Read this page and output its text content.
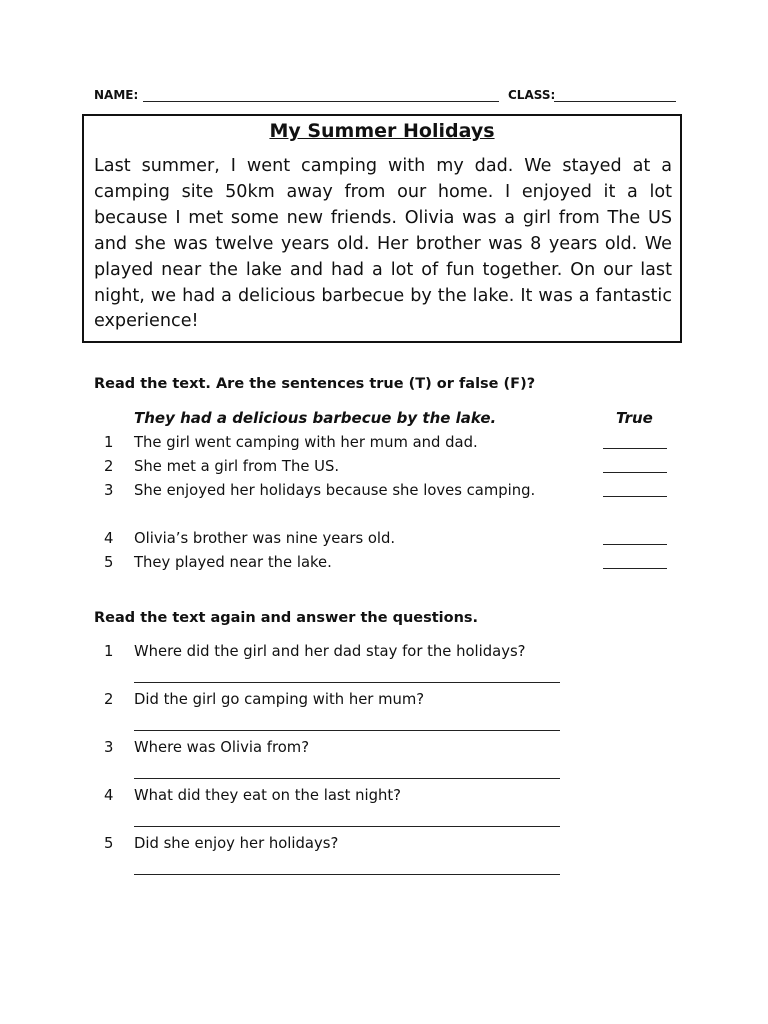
NAME:	CLASS:
My Summer Holidays

Last summer, I went camping with my dad. We stayed at a camping site 50km away from our home. I enjoyed it a lot because I met some new friends. Olivia was a girl from The US and she was twelve years old. Her brother was 8 years old. We played near the lake and had a lot of fun together. On our last night, we had a delicious barbecue by the lake. It was a fantastic experience!

Read the text. Are the sentences true (T) or false (F)?
They had a delicious barbecue by the lake.	True
1	The girl went camping with her mum and dad.
2	She met a girl from The US.
3	She enjoyed her holidays because she loves camping.
4	Olivia’s brother was nine years old.
5	They played near the lake.
Read the text again and answer the questions.
1 Where did the girl and her dad stay for the holidays?
2 Did the girl go camping with her mum?
3 Where was Olivia from?
4 What did they eat on the last night?
5 Did she enjoy her holidays?
